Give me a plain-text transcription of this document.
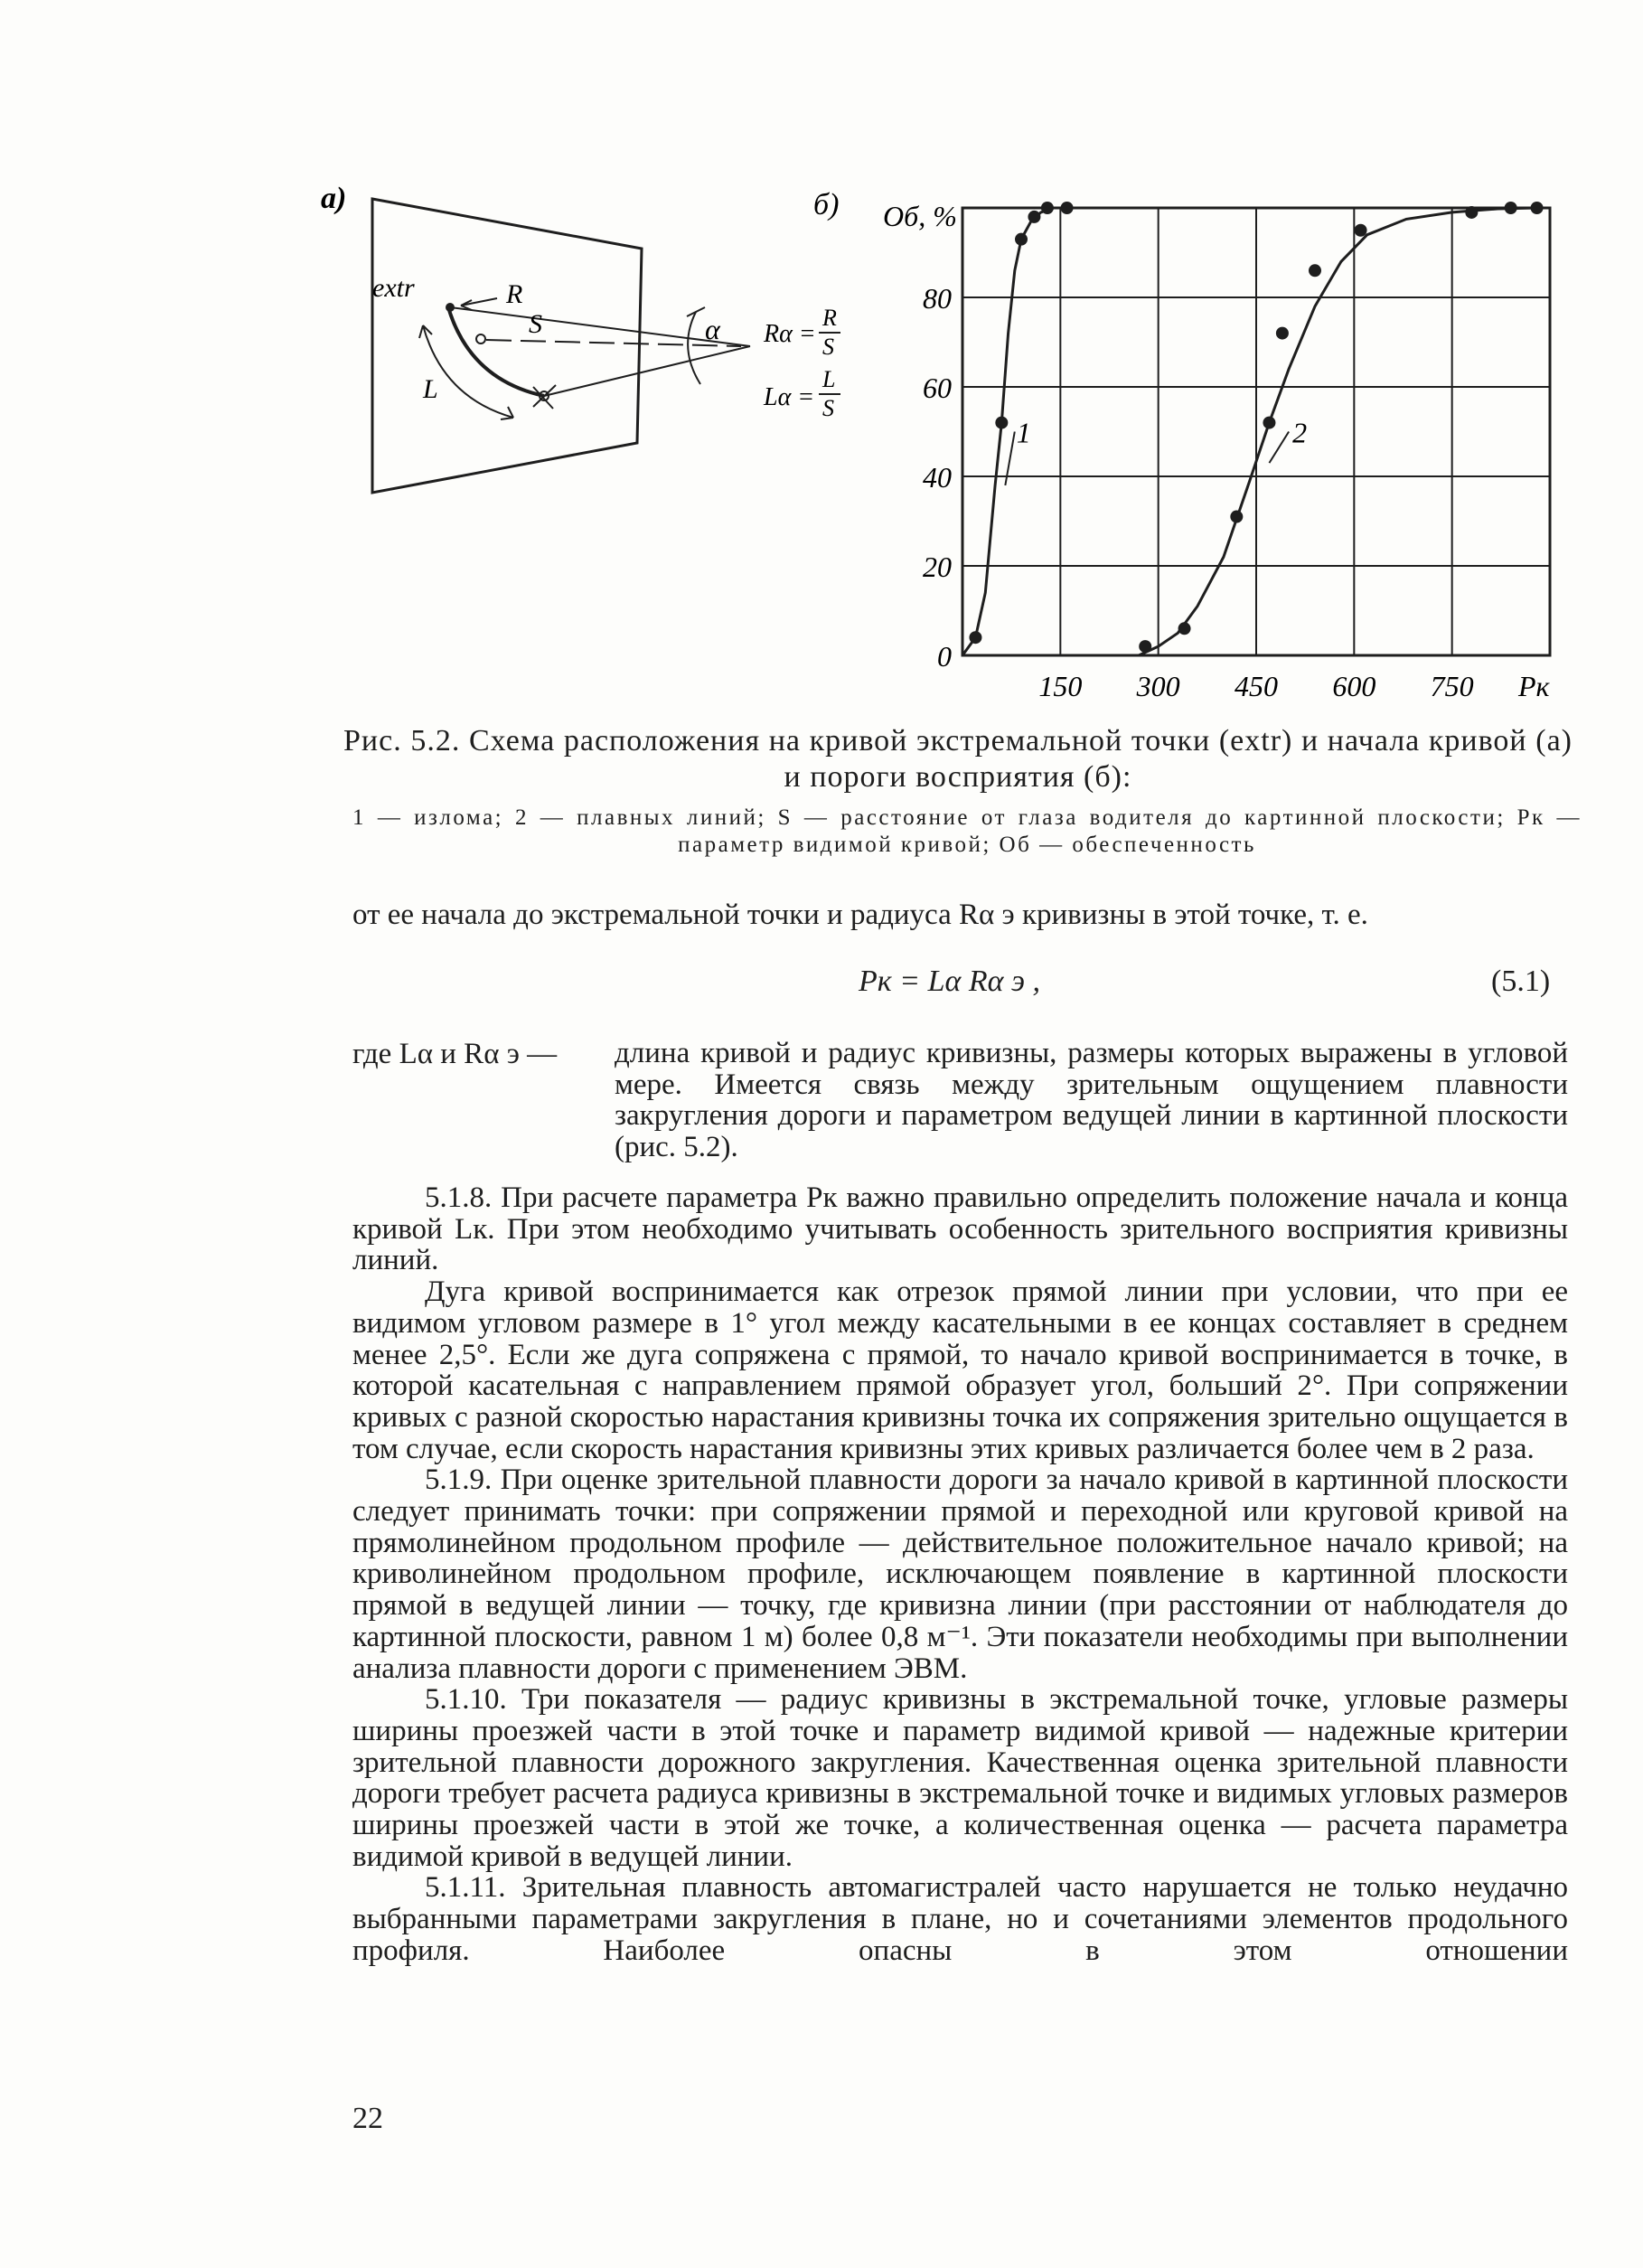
а)
extr	R
S
L
α Rα =
R
S
Lα =
L
S
б)
150 300 450 600 750
0
20
40
60
80
Об, %
Pк
1	2
Рис. 5.2. Схема расположения на кривой экстремальной точки (extr) и начала кривой (а) и пороги восприятия (б):
1 — излома; 2 — плавных линий; S — расстояние от глаза водителя до картинной плоскости; Pк — параметр видимой кривой; Об — обеспеченность

от ее начала до экстремальной точки и радиуса Rα э кривизны в этой точке, т. е.

Pк = Lα Rα э ,	(5.1)
где Lα и Rα э — длина кривой и радиус кривизны, размеры которых выражены в угловой мере. Имеется связь между зрительным ощущением плавности закругления дороги и параметром ведущей линии в картинной плоскости (рис. 5.2).

5.1.8. При расчете параметра Pк важно правильно определить положение начала и конца кривой Lк. При этом необходимо учитывать особенность зрительного восприятия кривизны линий.

Дуга кривой воспринимается как отрезок прямой линии при условии, что при ее видимом угловом размере в 1° угол между касательными в ее концах составляет в среднем менее 2,5°. Если же дуга сопряжена с прямой, то начало кривой воспринимается в точке, в которой касательная с направлением прямой образует угол, больший 2°. При сопряжении кривых с разной скоростью нарастания кривизны точка их сопряжения зрительно ощущается в том случае, если скорость нарастания кривизны этих кривых различается более чем в 2 раза.

5.1.9. При оценке зрительной плавности дороги за начало кривой в картинной плоскости следует принимать точки: при сопряжении прямой и переходной или круговой кривой на прямолинейном продольном профиле — действительное положительное начало кривой; на криволинейном продольном профиле, исключающем появление в картинной плоскости прямой в ведущей линии — точку, где кривизна линии (при расстоянии от наблюдателя до картинной плоскости, равном 1 м) более 0,8 м⁻¹. Эти показатели необходимы при выполнении анализа плавности дороги с применением ЭВМ.

5.1.10. Три показателя — радиус кривизны в экстремальной точке, угловые размеры ширины проезжей части в этой точке и параметр видимой кривой — надежные критерии зрительной плавности дорожного закругления. Качественная оценка зрительной плавности дороги требует расчета радиуса кривизны в экстремальной точке и видимых угловых размеров ширины проезжей части в этой же точке, а количественная оценка — расчета параметра видимой кривой в ведущей линии.

5.1.11. Зрительная плавность автомагистралей часто нарушается не только неудачно выбранными параметрами закругления в плане, но и сочетаниями элементов продольного профиля. Наиболее опасны в этом отношении

22
